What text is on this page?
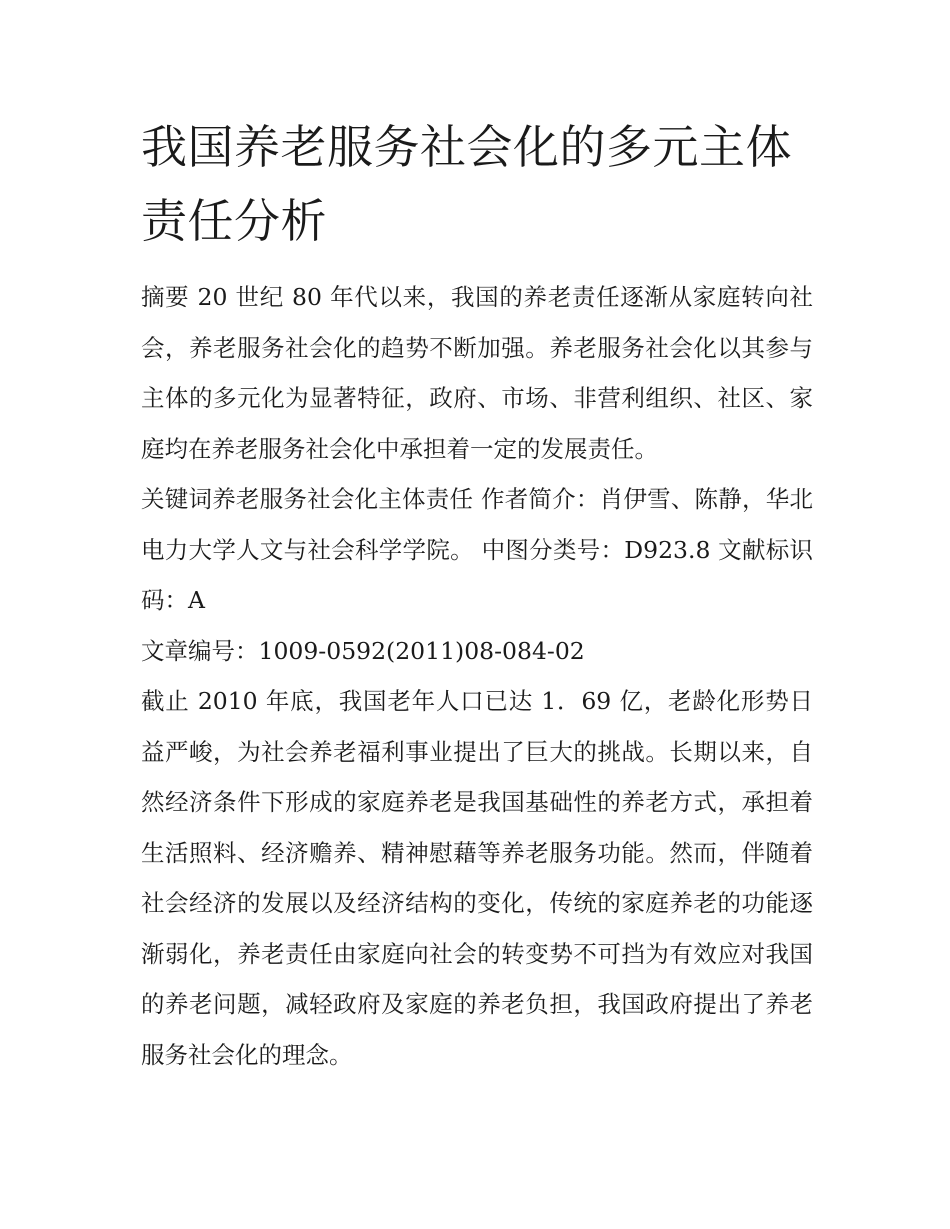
我国养老服务社会化的多元主体责任分析

摘要 20 世纪 80 年代以来，我国的养老责任逐渐从家庭转向社会，养老服务社会化的趋势不断加强。养老服务社会化以其参与主体的多元化为显著特征，政府、市场、非营利组织、社区、家庭均在养老服务社会化中承担着一定的发展责任。

关键词养老服务社会化主体责任 作者简介：肖伊雪、陈静，华北电力大学人文与社会科学学院。 中图分类号：D923.8 文献标识码：A

文章编号：1009-0592(2011)08-084-02

截止 2010 年底，我国老年人口已达 1．69 亿，老龄化形势日益严峻，为社会养老福利事业提出了巨大的挑战。长期以来，自然经济条件下形成的家庭养老是我国基础性的养老方式，承担着生活照料、经济赡养、精神慰藉等养老服务功能。然而，伴随着社会经济的发展以及经济结构的变化，传统的家庭养老的功能逐渐弱化，养老责任由家庭向社会的转变势不可挡为有效应对我国的养老问题，减轻政府及家庭的养老负担，我国政府提出了养老服务社会化的理念。
